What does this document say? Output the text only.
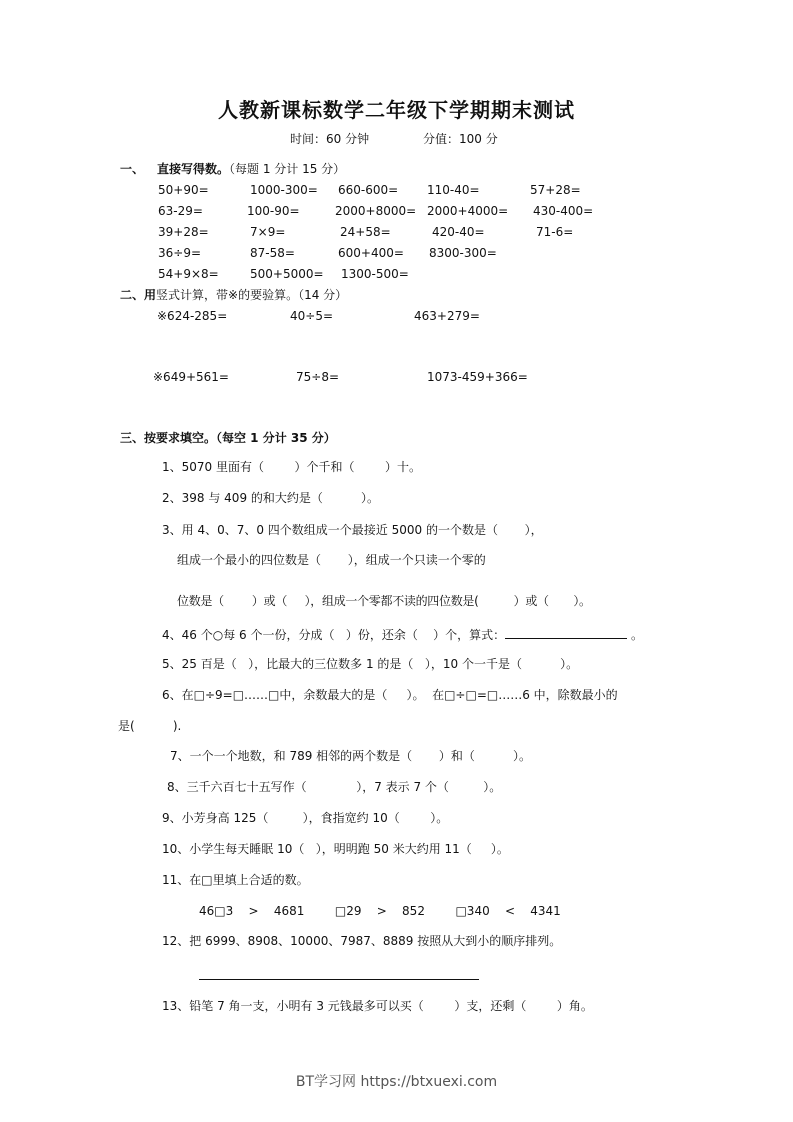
人教新课标数学二年级下学期期末测试
时间：60 分钟	分值：100 分
一、 直接写得数。（每题 1 分计 15 分）
50+90=	1000-300= 660-600= 110-40=	57+28=
63-29=	100-90=	2000+8000= 2000+4000= 430-400=
39+28=	7×9=	24+58=	420-40=	71-6=
36÷9=	87-58=	600+400= 8300-300=
54+9×8=	500+5000= 1300-500=
二、用竖式计算，带※的要验算。（14 分）
※624-285=	40÷5=	463+279=
※649+561=	75÷8=	1073-459+366=
三、按要求填空。（每空 1 分计 35 分）
1、5070 里面有（        ）个千和（        ）十。
2、398 与 409 的和大约是（          ）。
3、用 4、0、7、0 四个数组成一个最接近 5000 的一个数是（       ），
组成一个最小的四位数是（       ），组成一个只读一个零的
位数是（        ）或（     ），组成一个零都不读的四位数是(          ）或（       ）。
4、46 个○每 6 个一份，分成（   ）份，还余（    ）个，算式：	。
5、25 百是（   ），比最大的三位数多 1 的是（   ），10 个一千是（          ）。
6、在□÷9=□……□中，余数最大的是（     ）。  在□÷□=□……6 中，除数最小的
是(          ).
7、一个一个地数，和 789 相邻的两个数是（       ）和（          ）。
8、三千六百七十五写作（             ），7 表示 7 个（         ）。
9、小芳身高 125（         ），食指宽约 10（        ）。
10、小学生每天睡眠 10（   ），明明跑 50 米大约用 11（     ）。
11、在□里填上合适的数。
46□3    >    4681        □29    >    852        □340    <    4341
12、把 6999、8908、10000、7987、8889 按照从大到小的顺序排列。
13、铅笔 7 角一支，小明有 3 元钱最多可以买（        ）支，还剩（        ）角。
BT学习网 https://btxuexi.com
